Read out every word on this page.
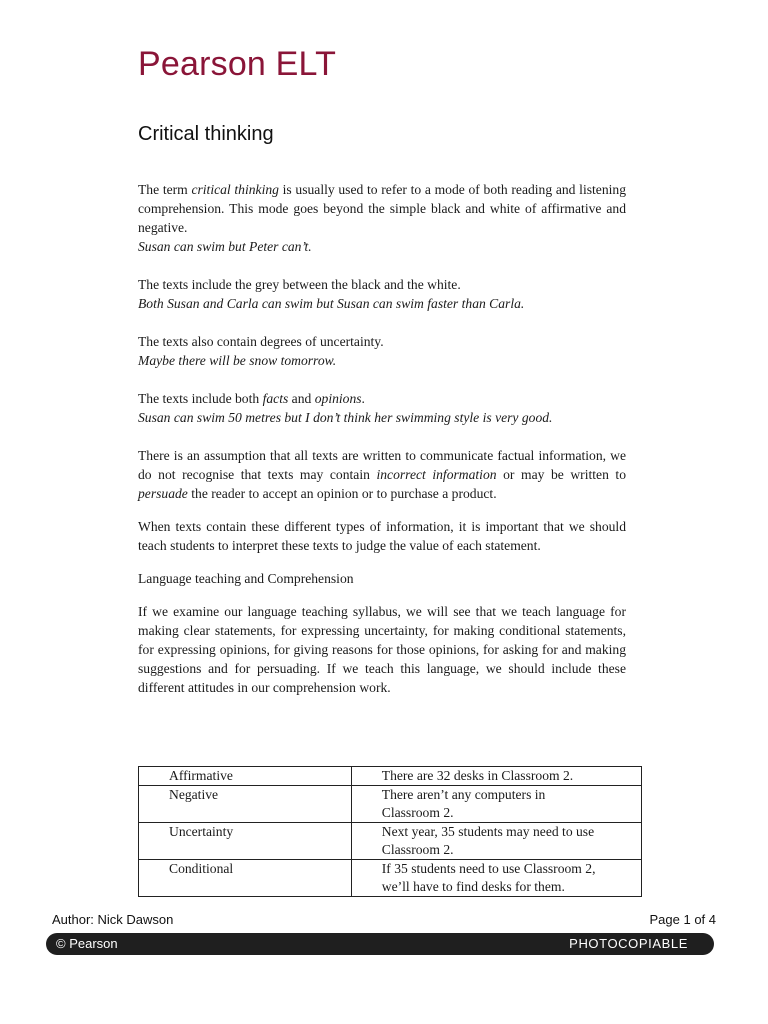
Pearson ELT
Critical thinking

The term critical thinking is usually used to refer to a mode of both reading and listening comprehension. This mode goes beyond the simple black and white of affirmative and negative.

Susan can swim but Peter can’t.

The texts include the grey between the black and the white.

Both Susan and Carla can swim but Susan can swim faster than Carla.

The texts also contain degrees of uncertainty.

Maybe there will be snow tomorrow.

The texts include both facts and opinions.

Susan can swim 50 metres but I don’t think her swimming style is very good.

There is an assumption that all texts are written to communicate factual information, we do not recognise that texts may contain incorrect information or may be written to persuade the reader to accept an opinion or to purchase a product.

When texts contain these different types of information, it is important that we should teach students to interpret these texts to judge the value of each statement.

Language teaching and Comprehension

If we examine our language teaching syllabus, we will see that we teach language for making clear statements, for expressing uncertainty, for making conditional statements, for expressing opinions, for giving reasons for those opinions, for asking for and making suggestions and for persuading. If we teach this language, we should include these different attitudes in our comprehension work.

Affirmative	There are 32 desks in Classroom 2.
Negative	There aren’t any computers in Classroom 2.
Uncertainty	Next year, 35 students may need to use Classroom 2.
Conditional	If 35 students need to use Classroom 2, we’ll have to find desks for them.
Author: Nick Dawson	Page 1 of 4
© Pearson	PHOTOCOPIABLE
